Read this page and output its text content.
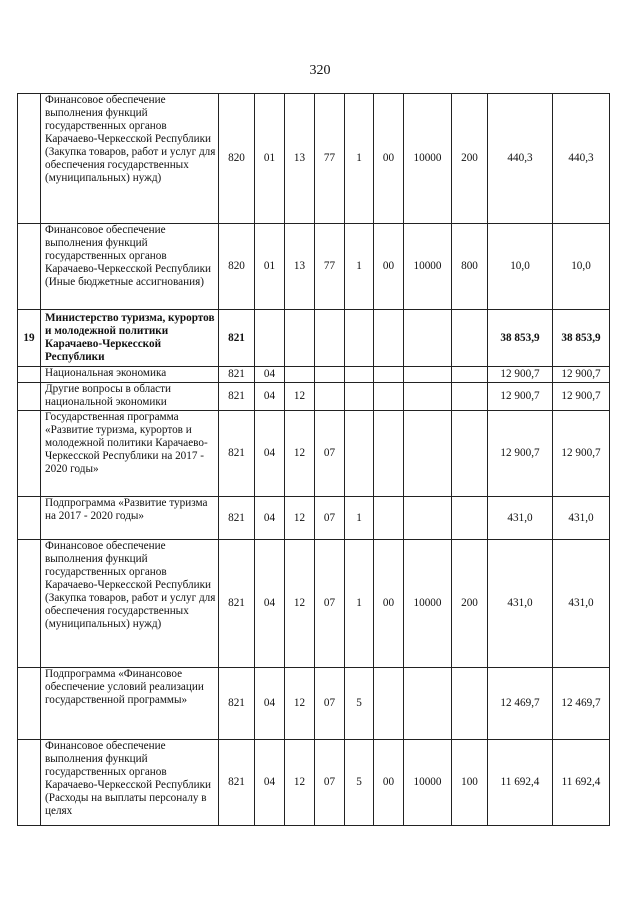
320
	Финансовое обеспечение выполнения функций государственных органов Карачаево-Черкесской Республики (Закупка товаров, работ и услуг для обеспечения государственных (муниципальных) нужд)	820	01	13	77	1	00	10000	200	440,3	440,3
	Финансовое обеспечение выполнения функций государственных органов Карачаево-Черкесской Республики (Иные бюджетные ассигнования)	820	01	13	77	1	00	10000	800	10,0	10,0
19	Министерство туризма, курортов и молодежной политики Карачаево-Черкесской Республики	821								38 853,9	38 853,9
	Национальная экономика	821	04							12 900,7	12 900,7
	Другие вопросы в области национальной экономики	821	04	12						12 900,7	12 900,7
	Государственная программа «Развитие туризма, курортов и молодежной политики Карачаево-Черкесской Республики на 2017 - 2020 годы»	821	04	12	07					12 900,7	12 900,7
	Подпрограмма «Развитие туризма на 2017 - 2020 годы»	821	04	12	07	1				431,0	431,0
	Финансовое обеспечение выполнения функций государственных органов Карачаево-Черкесской Республики (Закупка товаров, работ и услуг для обеспечения государственных (муниципальных) нужд)	821	04	12	07	1	00	10000	200	431,0	431,0
	Подпрограмма «Финансовое обеспечение условий реализации государственной программы»	821	04	12	07	5				12 469,7	12 469,7
	Финансовое обеспечение выполнения функций государственных органов Карачаево-Черкесской Республики (Расходы на выплаты персоналу в целях	821	04	12	07	5	00	10000	100	11 692,4	11 692,4
